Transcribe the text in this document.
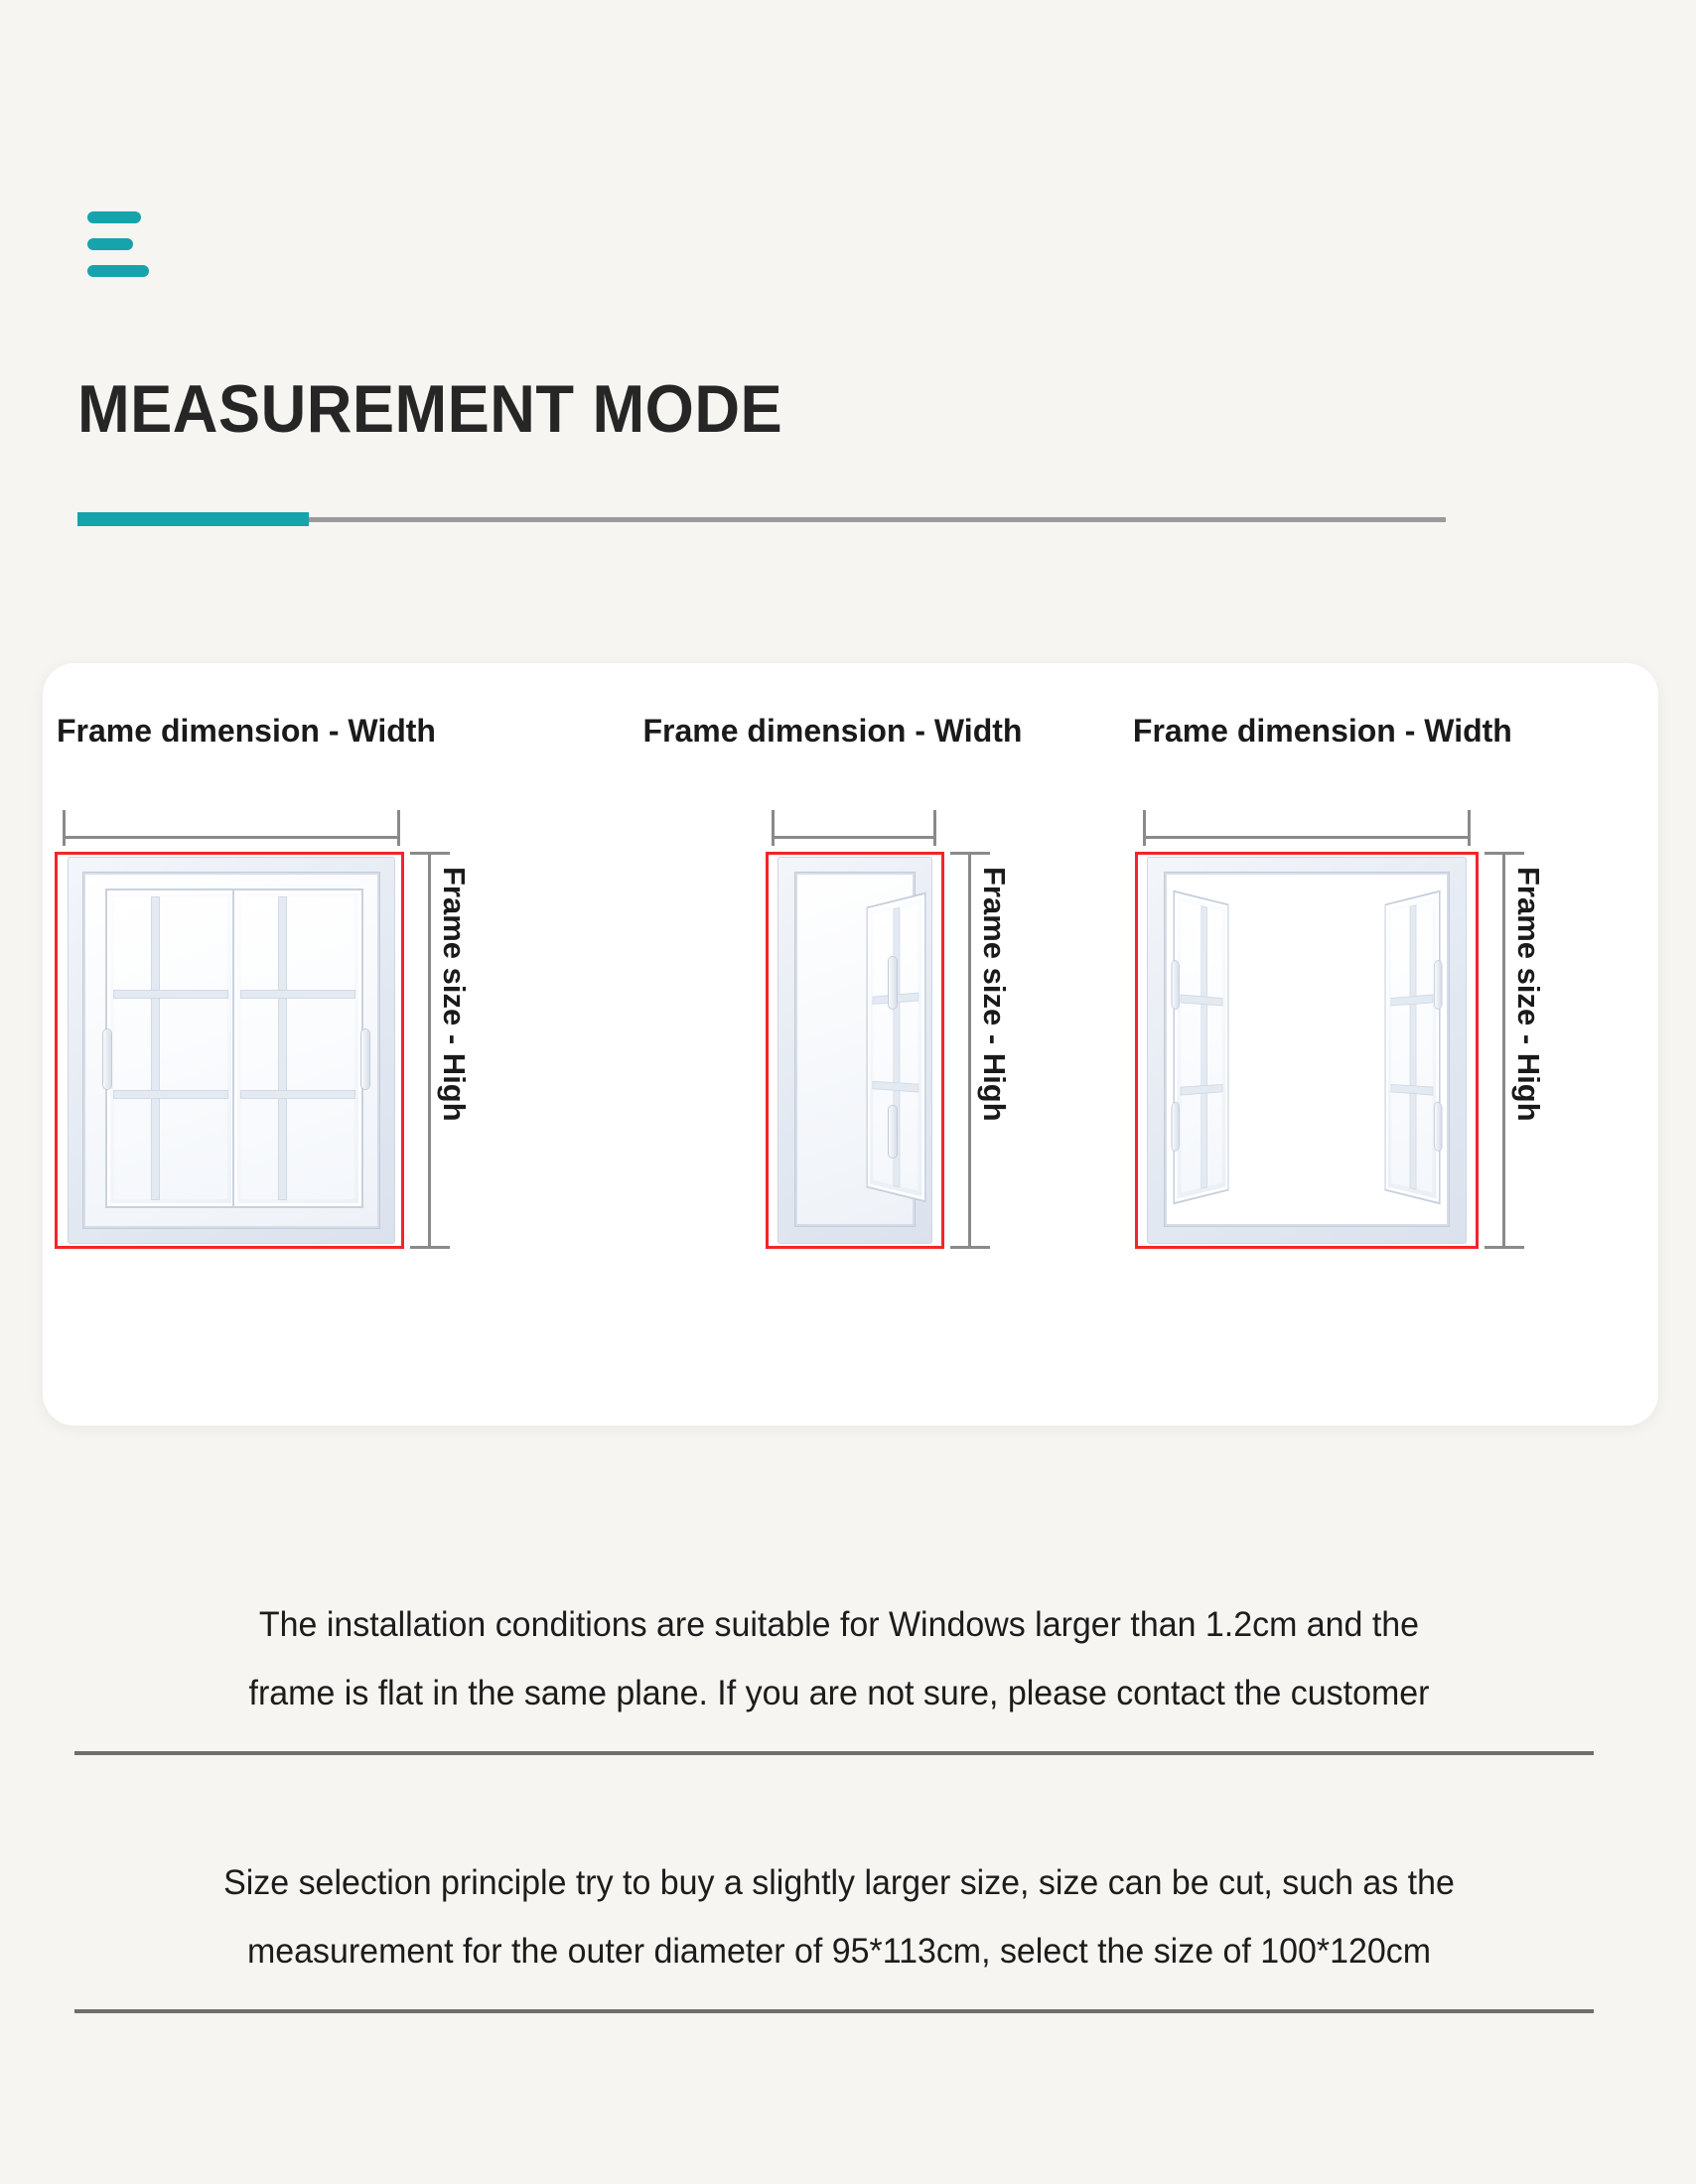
MEASUREMENT MODE
Frame dimension - Width
Frame size - High
Frame dimension - Width
Frame size - High
Frame dimension - Width
Frame size - High
The installation conditions are suitable for Windows larger than 1.2cm and the
frame is flat in the same plane. If you are not sure, please contact the customer
Size selection principle try to buy a slightly larger size, size can be cut, such as the
measurement for the outer diameter of 95*113cm, select the size of 100*120cm
